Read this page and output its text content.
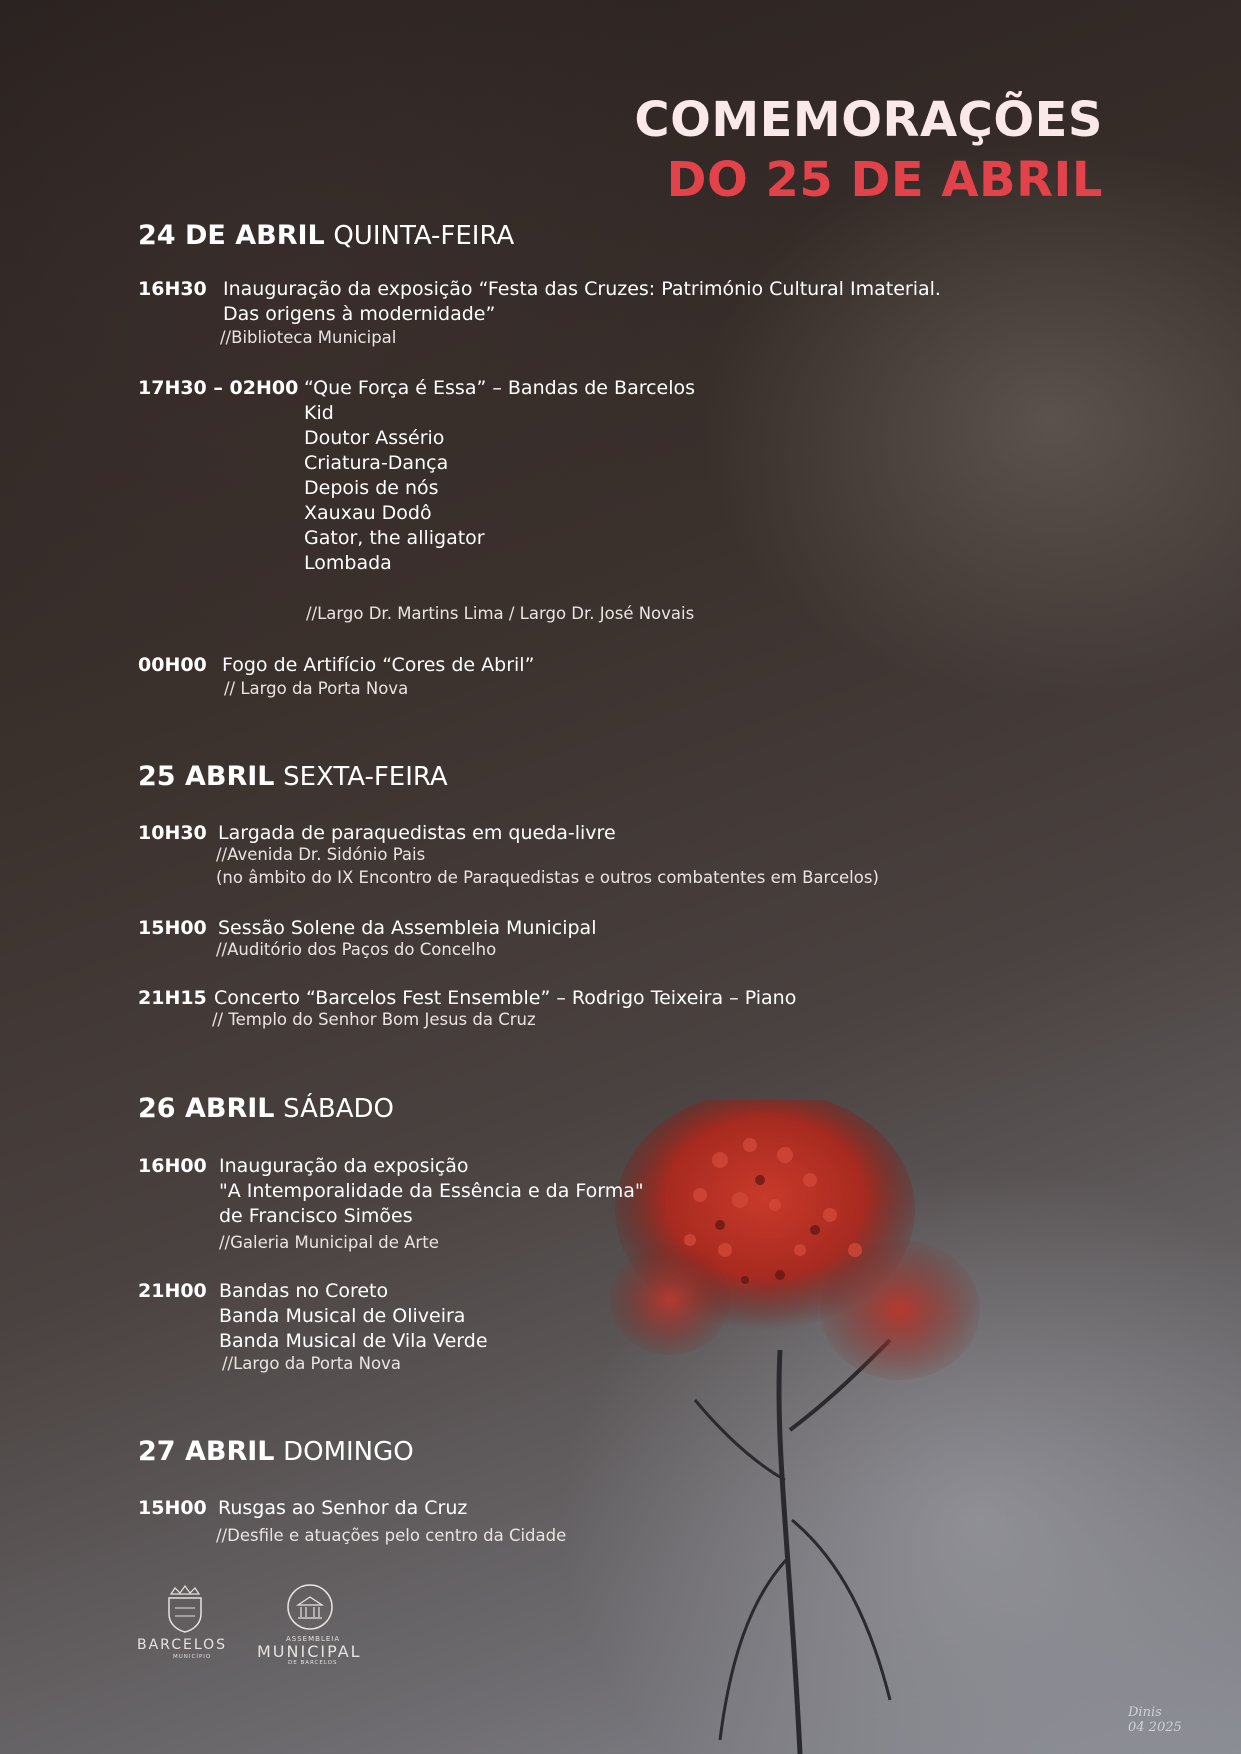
COMEMORAÇÕES
DO 25 DE ABRIL
24 DE ABRIL QUINTA-FEIRA
16H30 Inauguração da exposição “Festa das Cruzes: Património Cultural Imaterial.
Das origens à modernidade”
//Biblioteca Municipal
17H30 – 02H00 “Que Força é Essa” – Bandas de Barcelos
Kid
Doutor Assério
Criatura-Dança
Depois de nós
Xauxau Dodô
Gator, the alligator
Lombada
//Largo Dr. Martins Lima / Largo Dr. José Novais
00H00 Fogo de Artifício “Cores de Abril”
// Largo da Porta Nova
25 ABRIL SEXTA-FEIRA
10H30 Largada de paraquedistas em queda-livre
//Avenida Dr. Sidónio Pais
(no âmbito do IX Encontro de Paraquedistas e outros combatentes em Barcelos)
15H00 Sessão Solene da Assembleia Municipal
//Auditório dos Paços do Concelho
21H15 Concerto “Barcelos Fest Ensemble” – Rodrigo Teixeira – Piano
// Templo do Senhor Bom Jesus da Cruz
26 ABRIL SÁBADO
16H00 Inauguração da exposição
"A Intemporalidade da Essência e da Forma"
de Francisco Simões
//Galeria Municipal de Arte
21H00 Bandas no Coreto
Banda Musical de Oliveira
Banda Musical de Vila Verde
//Largo da Porta Nova
27 ABRIL DOMINGO
15H00 Rusgas ao Senhor da Cruz
//Desfile e atuações pelo centro da Cidade
BARCELOS
MUNICÍPIO
ASSEMBLEIA
MUNICIPAL
DE BARCELOS
Dinis
04 2025
